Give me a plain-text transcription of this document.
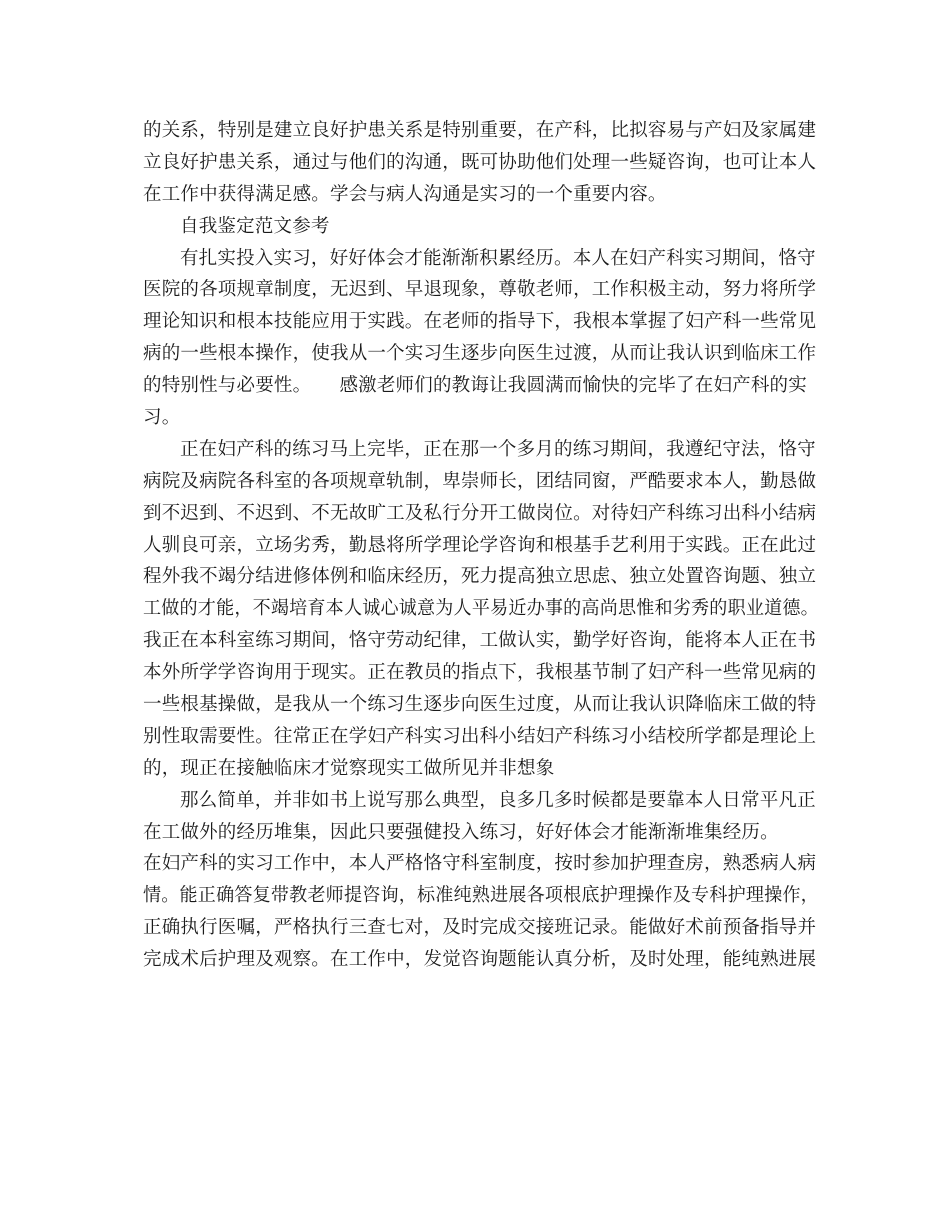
的关系，特别是建立良好护患关系是特别重要，在产科，比拟容易与产妇及家属建
立良好护患关系，通过与他们的沟通，既可协助他们处理一些疑咨询，也可让本人
在工作中获得满足感。学会与病人沟通是实习的一个重要内容。
自我鉴定范文参考
有扎实投入实习，好好体会才能渐渐积累经历。本人在妇产科实习期间，恪守
医院的各项规章制度，无迟到、早退现象，尊敬老师，工作积极主动，努力将所学
理论知识和根本技能应用于实践。在老师的指导下，我根本掌握了妇产科一些常见
病的一些根本操作，使我从一个实习生逐步向医生过渡，从而让我认识到临床工作
的特别性与必要性。　　感激老师们的教诲让我圆满而愉快的完毕了在妇产科的实
习。
正在妇产科的练习马上完毕，正在那一个多月的练习期间，我遵纪守法，恪守
病院及病院各科室的各项规章轨制，卑崇师长，团结同窗，严酷要求本人，勤恳做
到不迟到、不迟到、不无故旷工及私行分开工做岗位。对待妇产科练习出科小结病
人驯良可亲，立场劣秀，勤恳将所学理论学咨询和根基手艺利用于实践。正在此过
程外我不竭分结进修体例和临床经历，死力提高独立思虑、独立处置咨询题、独立
工做的才能，不竭培育本人诚心诚意为人平易近办事的高尚思惟和劣秀的职业道德。
我正在本科室练习期间，恪守劳动纪律，工做认实，勤学好咨询，能将本人正在书
本外所学学咨询用于现实。正在教员的指点下，我根基节制了妇产科一些常见病的
一些根基操做，是我从一个练习生逐步向医生过度，从而让我认识降临床工做的特
别性取需要性。往常正在学妇产科实习出科小结妇产科练习小结校所学都是理论上
的，现正在接触临床才觉察现实工做所见并非想象
那么简单，并非如书上说写那么典型，良多几多时候都是要靠本人日常平凡正
在工做外的经历堆集，因此只要强健投入练习，好好体会才能渐渐堆集经历。
在妇产科的实习工作中，本人严格恪守科室制度，按时参加护理查房，熟悉病人病
情。能正确答复带教老师提咨询，标准纯熟进展各项根底护理操作及专科护理操作，
正确执行医嘱，严格执行三查七对，及时完成交接班记录。能做好术前预备指导并
完成术后护理及观察。在工作中，发觉咨询题能认真分析，及时处理，能纯熟进展
